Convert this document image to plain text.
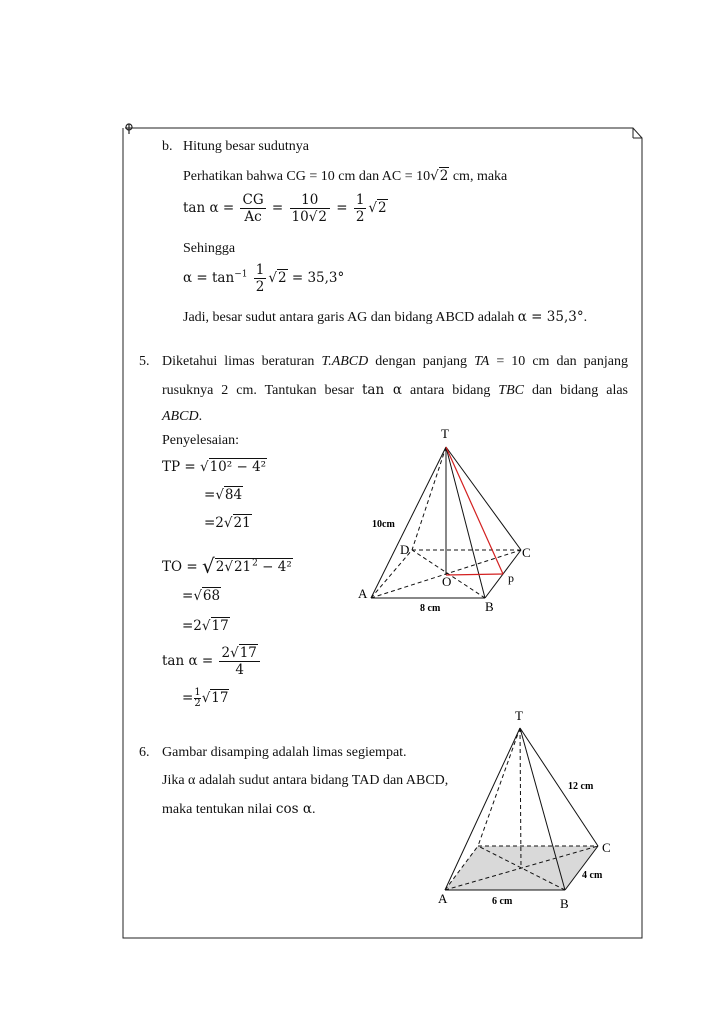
b. Hitung besar sudutnya
Perhatikan bahwa CG = 10 cm dan AC = 10√2 cm, maka
$\tan \alpha = \frac{CG}{Ac} = \frac{10}{10√2} = \frac{1}{2} √2$
Sehingga
$\alpha = \tan^{-1} \frac{1}{2} √2 = 35,3^\circ$
Jadi, besar sudut antara garis AG dan bidang ABCD adalah α = 35,3°.
5. Diketahui limas beraturan T.ABCD dengan panjang TA = 10 cm dan panjang
rusuknya 2 cm. Tantukan besar tan α antara bidang TBC dan bidang alas
ABCD.
Penyelesaian:
TP = √10² − 4²
=√84
=2√21
TO = $√2√21^2 - 4^2$
=√68
=2√17
$\tan \alpha = \frac{2√17}{4}$
= $\frac{1}{2} √17$
T
A
B
C
D
O	p
10cm
8 cm
6. Gambar disamping adalah limas segiempat.
Jika α adalah sudut antara bidang TAD dan ABCD,
maka tentukan nilai cos α.
T
A	B
C
12 cm
4 cm
6 cm
